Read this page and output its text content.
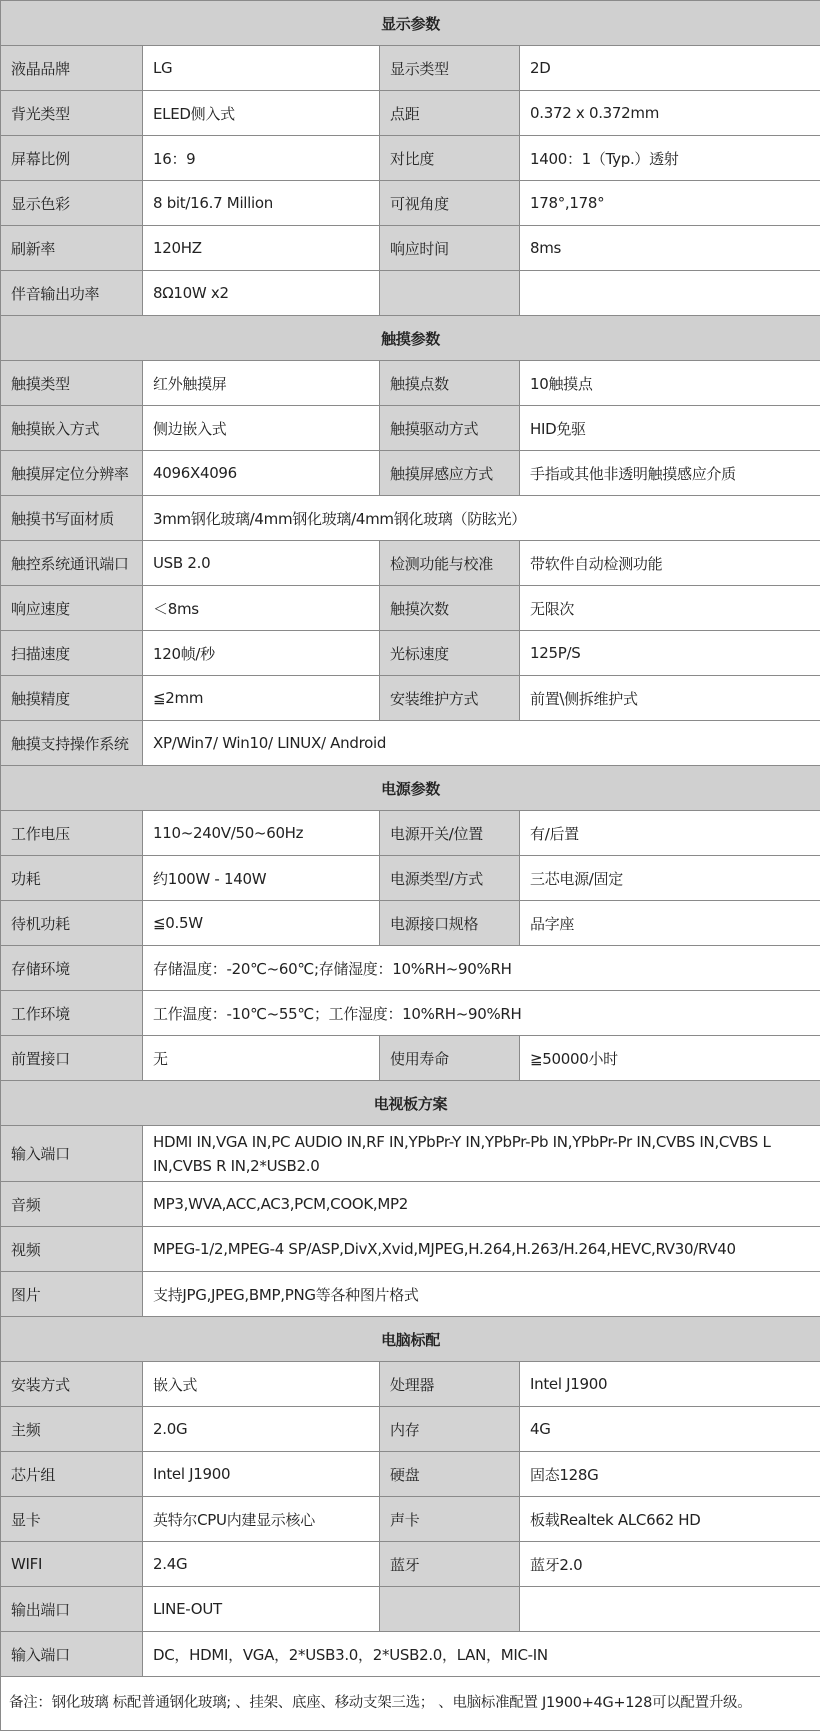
显示参数			
液晶品牌	LG	显示类型	2D
背光类型	ELED侧入式	点距	0.372 x 0.372mm
屏幕比例	16：9	对比度	1400：1（Typ.）透射
显示色彩	8 bit/16.7 Million	可视角度	178°,178°
刷新率	120HZ	响应时间	8ms
伴音输出功率	8Ω10W x2		
触摸参数			
触摸类型	红外触摸屏	触摸点数	10触摸点
触摸嵌入方式	侧边嵌入式	触摸驱动方式	HID免驱
触摸屏定位分辨率	4096X4096	触摸屏感应方式	手指或其他非透明触摸感应介质
触摸书写面材质	3mm钢化玻璃/4mm钢化玻璃/4mm钢化玻璃（防眩光）		
触控系统通讯端口	USB 2.0	检测功能与校准	带软件自动检测功能
响应速度	＜8ms	触摸次数	无限次
扫描速度	120帧/秒	光标速度	125P/S
触摸精度	≦2mm	安装维护方式	前置\侧拆维护式
触摸支持操作系统	XP/Win7/ Win10/ LINUX/ Android		
电源参数			
工作电压	110~240V/50~60Hz	电源开关/位置	有/后置
功耗	约100W - 140W	电源类型/方式	三芯电源/固定
待机功耗	≦0.5W	电源接口规格	品字座
存储环境	存储温度：-20℃~60℃;存储湿度：10%RH~90%RH		
工作环境	工作温度：-10℃~55℃；工作湿度：10%RH~90%RH		
前置接口	无	使用寿命	≧50000小时
电视板方案			
输入端口	HDMI IN,VGA IN,PC AUDIO IN,RF IN,YPbPr-Y IN,YPbPr-Pb IN,YPbPr-Pr IN,CVBS IN,CVBS L IN,CVBS R IN,2*USB2.0		
音频	MP3,WVA,ACC,AC3,PCM,COOK,MP2		
视频	MPEG-1/2,MPEG-4 SP/ASP,DivX,Xvid,MJPEG,H.264,H.263/H.264,HEVC,RV30/RV40		
图片	支持JPG,JPEG,BMP,PNG等各种图片格式		
电脑标配			
安装方式	嵌入式	处理器	Intel J1900
主频	2.0G	内存	4G
芯片组	Intel J1900	硬盘	固态128G
显卡	英特尔CPU内建显示核心	声卡	板载Realtek ALC662 HD
WIFI	2.4G	蓝牙	蓝牙2.0
输出端口	LINE-OUT		
输入端口	DC，HDMI，VGA，2*USB3.0，2*USB2.0，LAN，MIC-IN		
备注：钢化玻璃 标配普通钢化玻璃; 、挂架、底座、移动支架三选； 、电脑标准配置 J1900+4G+128可以配置升级。			
